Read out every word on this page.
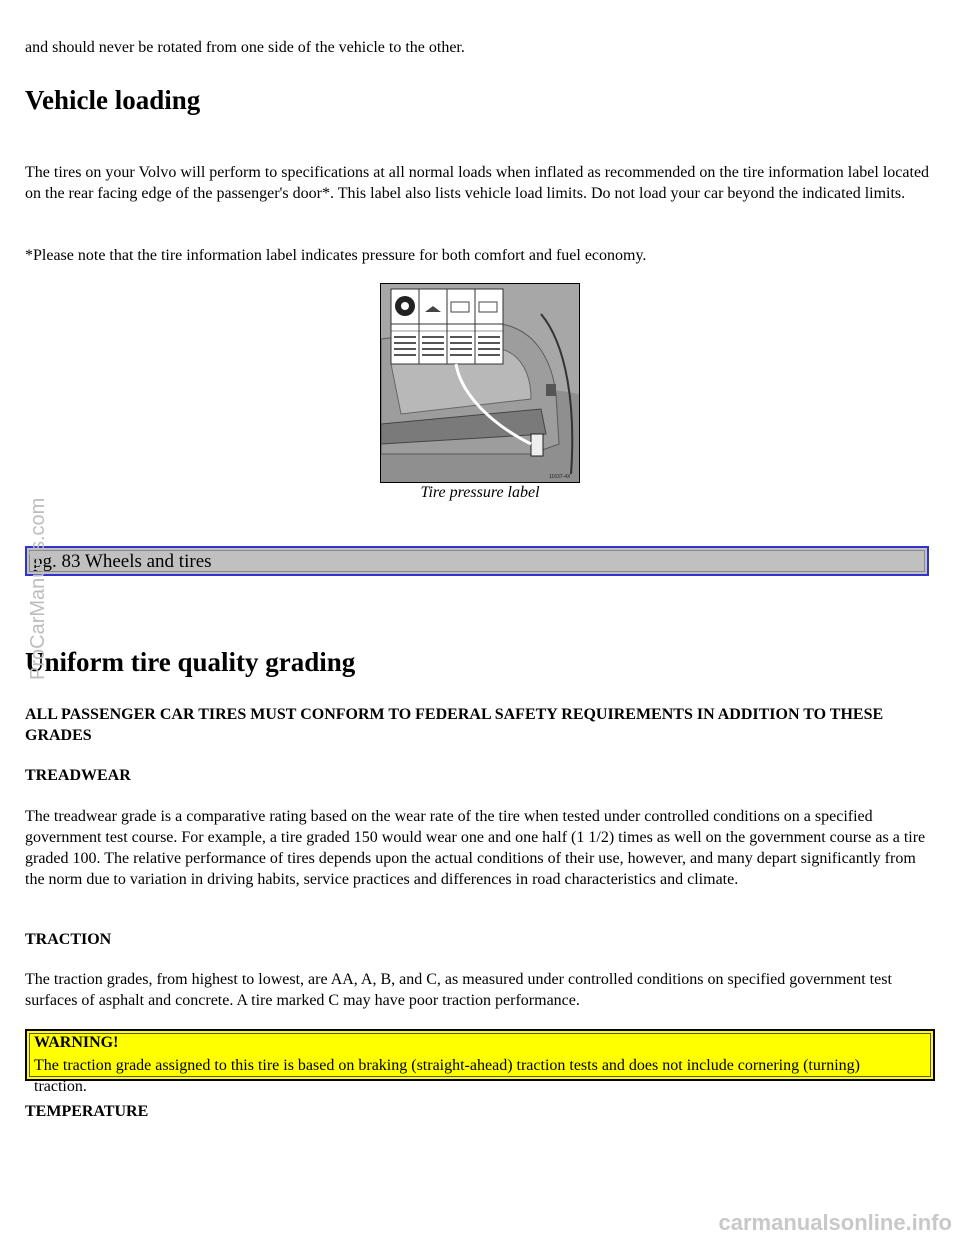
and should never be rotated from one side of the vehicle to the other.

Vehicle loading

The tires on your Volvo will perform to specifications at all normal loads when inflated as recommended on the tire information label located on the rear facing edge of the passenger's door*. This label also lists vehicle load limits. Do not load your car beyond the indicated limits.

*Please note that the tire information label indicates pressure for both comfort and fuel economy.

11637-4X
Tire pressure label
pg. 83 Wheels and tires
Uniform tire quality grading

ALL PASSENGER CAR TIRES MUST CONFORM TO FEDERAL SAFETY REQUIREMENTS IN ADDITION TO THESE GRADES

TREADWEAR

The treadwear grade is a comparative rating based on the wear rate of the tire when tested under controlled conditions on a specified government test course. For example, a tire graded 150 would wear one and one half (1 1/2) times as well on the government course as a tire graded 100. The relative performance of tires depends upon the actual conditions of their use, however, and many depart significantly from the norm due to variation in driving habits, service practices and differences in road characteristics and climate.

TRACTION

The traction grades, from highest to lowest, are AA, A, B, and C, as measured under controlled conditions on specified government test surfaces of asphalt and concrete. A tire marked C may have poor traction performance.

WARNING!
The traction grade assigned to this tire is based on braking (straight-ahead) traction tests and does not include cornering (turning) traction.

TEMPERATURE

ProCarManuals.com
carmanualsonline.info
